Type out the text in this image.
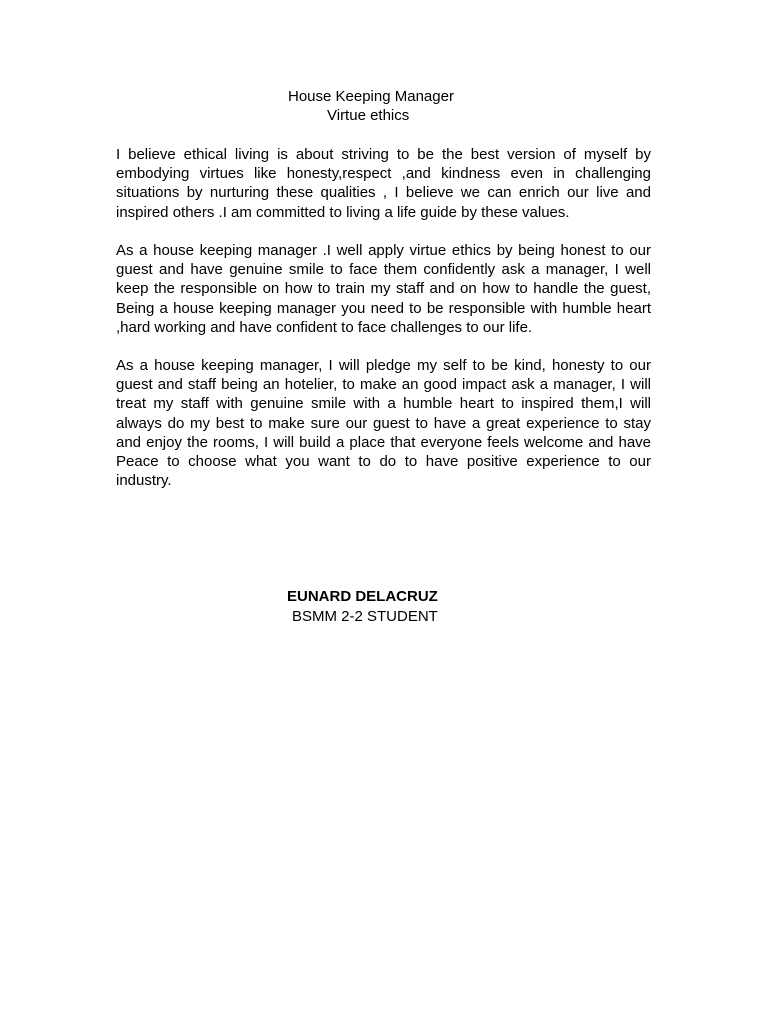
House Keeping Manager
Virtue ethics

I believe ethical living is about striving to be the best version of myself by embodying virtues like honesty,respect ,and kindness even in challenging situations by nurturing these qualities , I believe we can enrich our live and inspired others .I am committed to living a life guide by these values.

As a house keeping manager .I well apply virtue ethics by being honest to our guest and have genuine smile to face them confidently ask a manager, I well keep the responsible on how to train my staff and on how to handle the guest, Being a house keeping manager you need to be responsible with humble heart ,hard working and have confident to face challenges to our life.

As a house keeping manager, I will pledge my self to be kind, honesty to our guest and staff being an hotelier, to make an good impact ask a manager, I will treat my staff with genuine smile with a humble heart to inspired them,I will always do my best to make sure our guest to have a great experience to stay and enjoy the rooms, I will build a place that everyone feels welcome and have Peace to choose what you want to do to have positive experience to our industry.

EUNARD DELACRUZ
BSMM 2-2 STUDENT
